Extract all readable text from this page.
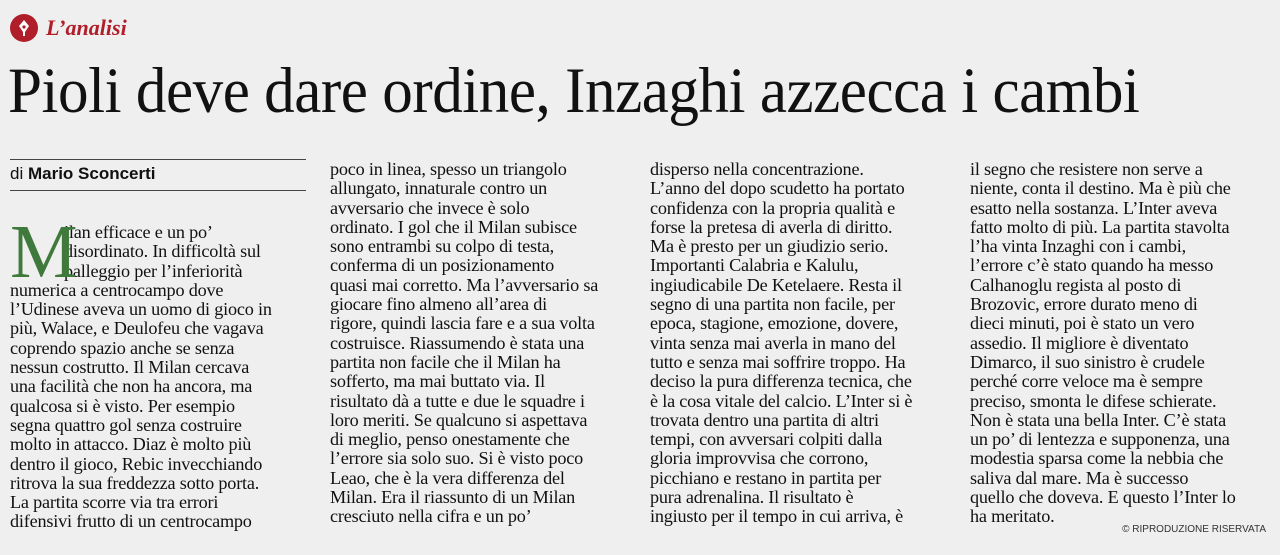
L’analisi
Pioli deve dare ordine, Inzaghi azzecca i cambi
di Mario Sconcerti
M
ilan efficace e un po’
disordinato. In difficoltà sul
palleggio per l’inferiorità
numerica a centrocampo dove
l’Udinese aveva un uomo di gioco in
più, Walace, e Deulofeu che vagava
coprendo spazio anche se senza
nessun costrutto. Il Milan cercava
una facilità che non ha ancora, ma
qualcosa si è visto. Per esempio
segna quattro gol senza costruire
molto in attacco. Diaz è molto più
dentro il gioco, Rebic invecchiando
ritrova la sua freddezza sotto porta.
La partita scorre via tra errori
difensivi frutto di un centrocampo
poco in linea, spesso un triangolo
allungato, innaturale contro un
avversario che invece è solo
ordinato. I gol che il Milan subisce
sono entrambi su colpo di testa,
conferma di un posizionamento
quasi mai corretto. Ma l’avversario sa
giocare fino almeno all’area di
rigore, quindi lascia fare e a sua volta
costruisce. Riassumendo è stata una
partita non facile che il Milan ha
sofferto, ma mai buttato via. Il
risultato dà a tutte e due le squadre i
loro meriti. Se qualcuno si aspettava
di meglio, penso onestamente che
l’errore sia solo suo. Si è visto poco
Leao, che è la vera differenza del
Milan. Era il riassunto di un Milan
cresciuto nella cifra e un po’
disperso nella concentrazione.
L’anno del dopo scudetto ha portato
confidenza con la propria qualità e
forse la pretesa di averla di diritto.
Ma è presto per un giudizio serio.
Importanti Calabria e Kalulu,
ingiudicabile De Ketelaere. Resta il
segno di una partita non facile, per
epoca, stagione, emozione, dovere,
vinta senza mai averla in mano del
tutto e senza mai soffrire troppo. Ha
deciso la pura differenza tecnica, che
è la cosa vitale del calcio. L’Inter si è
trovata dentro una partita di altri
tempi, con avversari colpiti dalla
gloria improvvisa che corrono,
picchiano e restano in partita per
pura adrenalina. Il risultato è
ingiusto per il tempo in cui arriva, è
il segno che resistere non serve a
niente, conta il destino. Ma è più che
esatto nella sostanza. L’Inter aveva
fatto molto di più. La partita stavolta
l’ha vinta Inzaghi con i cambi,
l’errore c’è stato quando ha messo
Calhanoglu regista al posto di
Brozovic, errore durato meno di
dieci minuti, poi è stato un vero
assedio. Il migliore è diventato
Dimarco, il suo sinistro è crudele
perché corre veloce ma è sempre
preciso, smonta le difese schierate.
Non è stata una bella Inter. C’è stata
un po’ di lentezza e supponenza, una
modestia sparsa come la nebbia che
saliva dal mare. Ma è successo
quello che doveva. E questo l’Inter lo
ha meritato.
© RIPRODUZIONE RISERVATA
